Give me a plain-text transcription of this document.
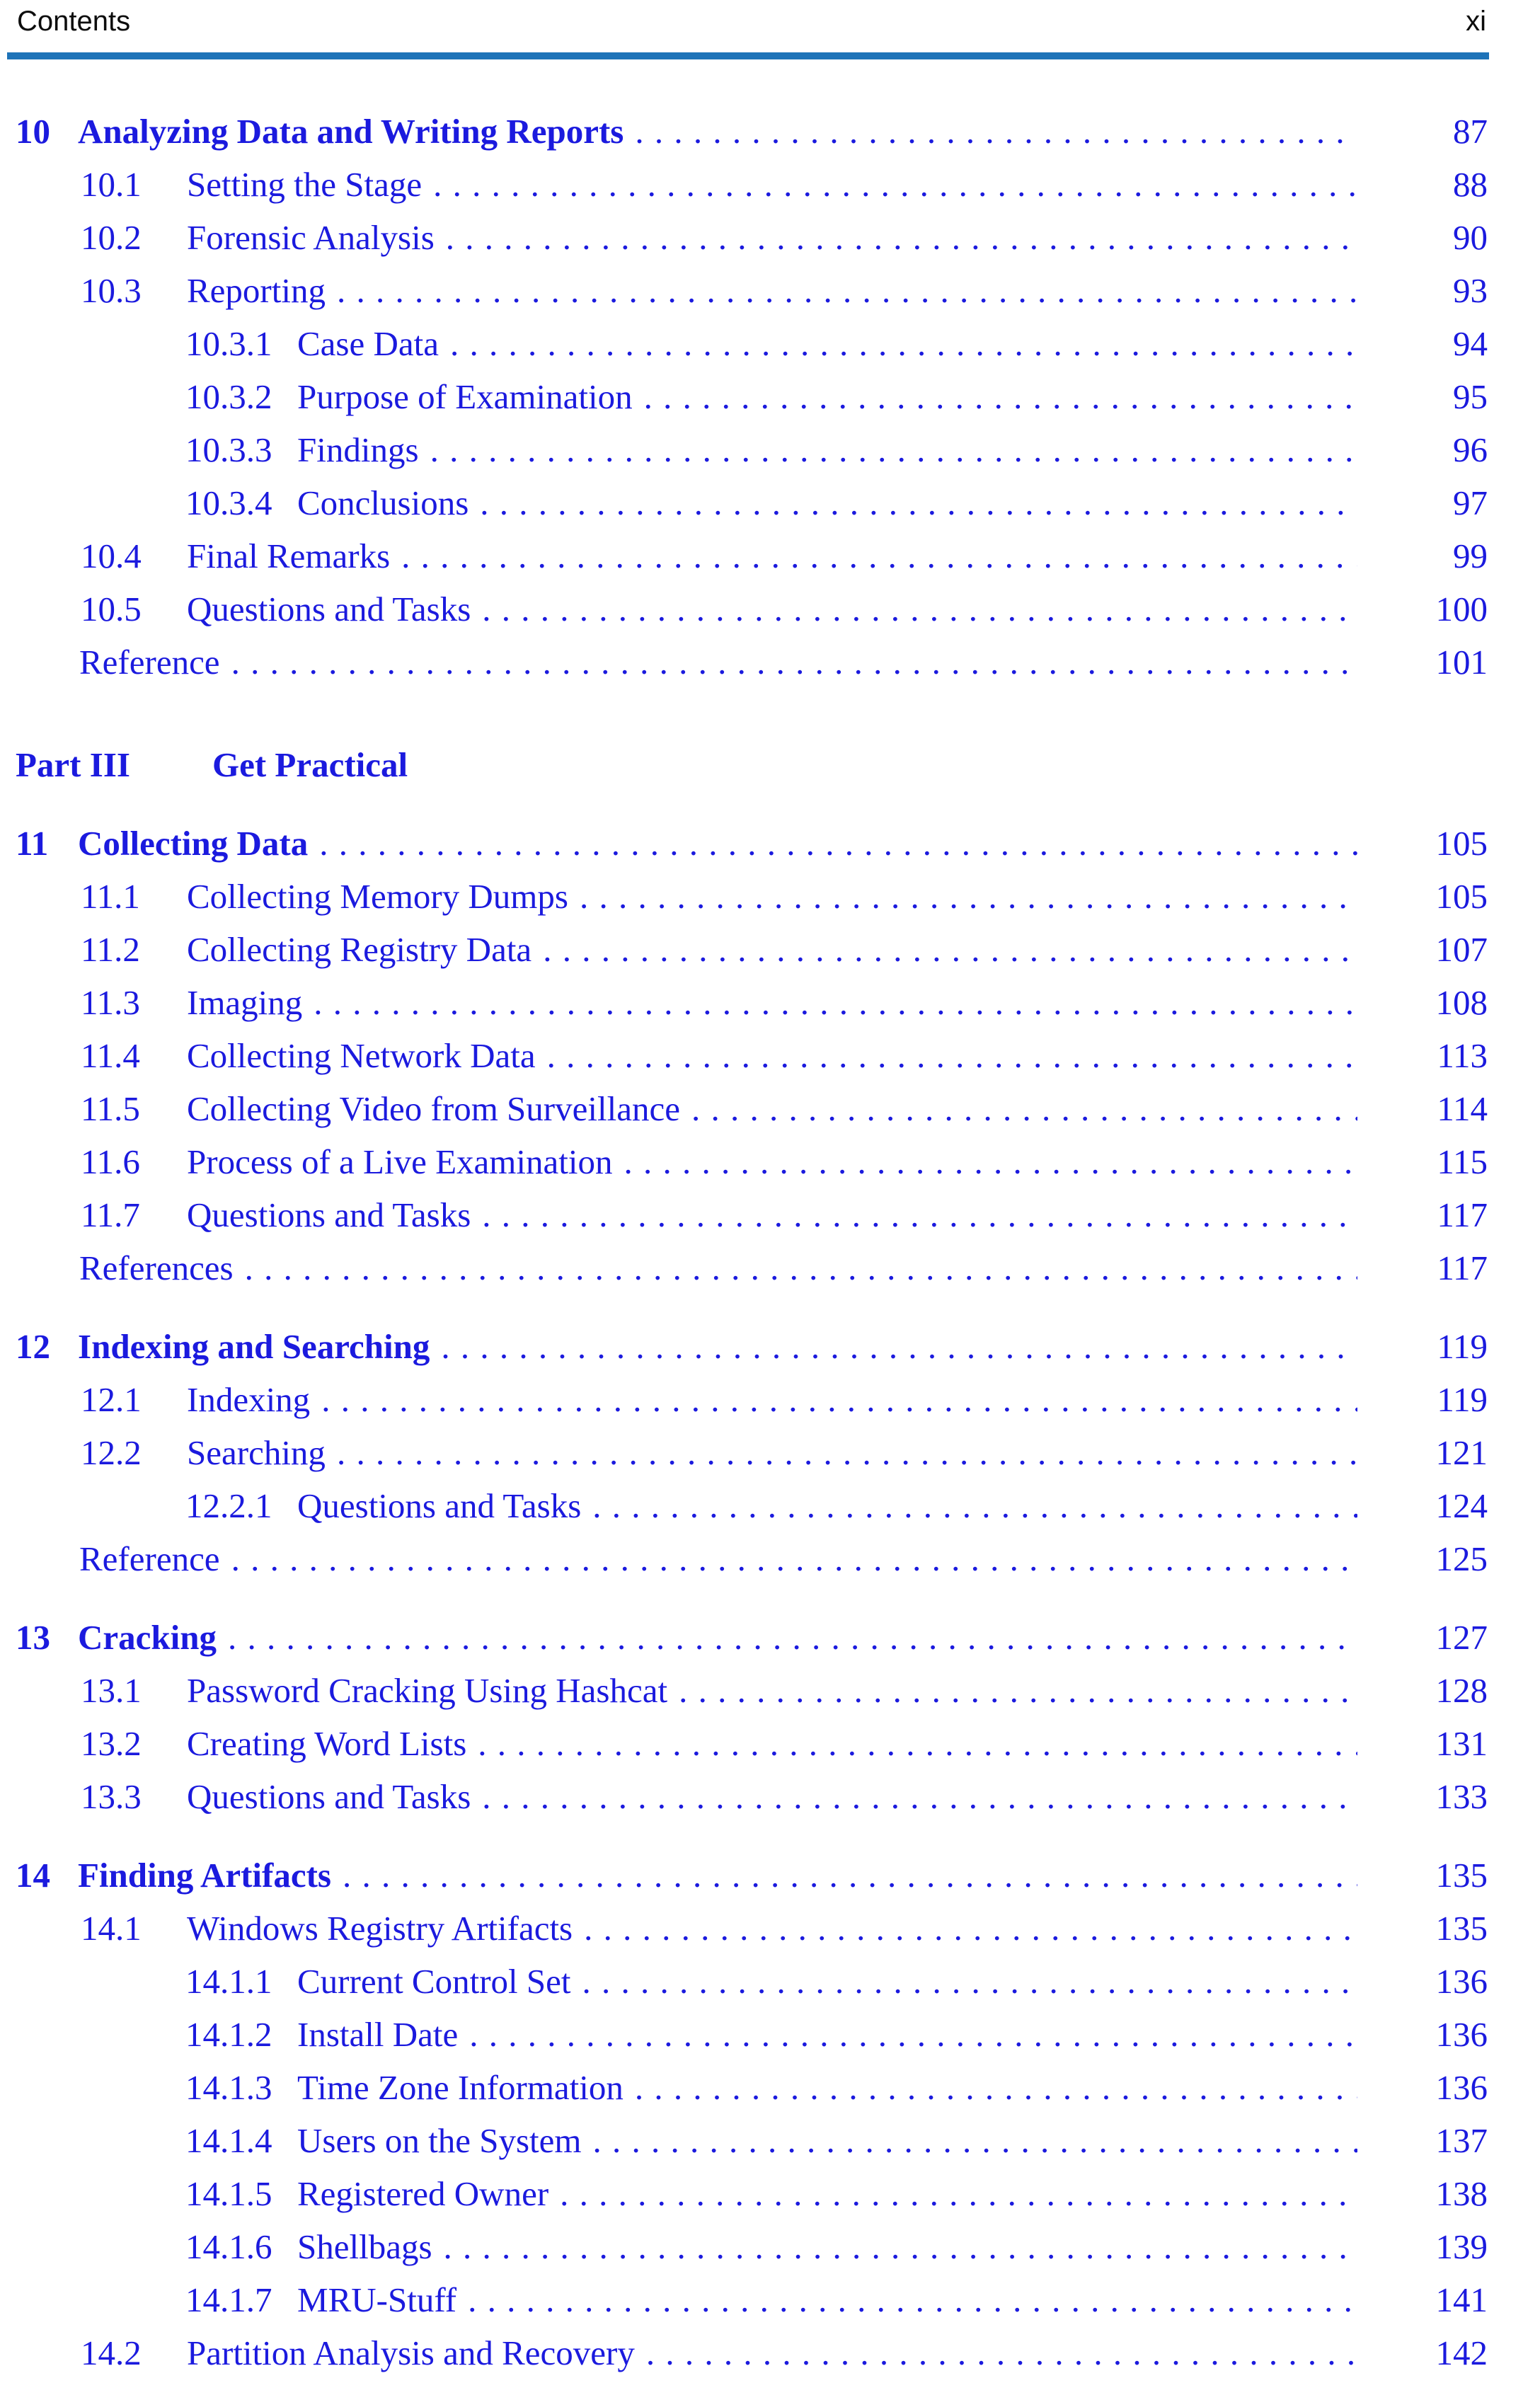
Contents	xi
10 Analyzing Data and Writing Reports . . .	87
10.1	Setting the Stage . . .	88
10.2	Forensic Analysis . . .	90
10.3	Reporting . . .	93
10.3.1 Case Data . . .	94
10.3.2 Purpose of Examination . . .	95
10.3.3 Findings . . .	96
10.3.4 Conclusions . . .	97
10.4	Final Remarks . . .	99
10.5	Questions and Tasks . . .	100
Reference . . .	101
Part III	Get Practical
11 Collecting Data . . .	105
11.1	Collecting Memory Dumps . . .	105
11.2	Collecting Registry Data . . .	107
11.3	Imaging . . .	108
11.4	Collecting Network Data . . .	113
11.5	Collecting Video from Surveillance . . .	114
11.6	Process of a Live Examination . . .	115
11.7	Questions and Tasks . . .	117
References . . .	117
12 Indexing and Searching . . .	119
12.1	Indexing . . .	119
12.2	Searching . . .	121
12.2.1 Questions and Tasks . . .	124
Reference . . .	125
13 Cracking . . .	127
13.1	Password Cracking Using Hashcat . . .	128
13.2	Creating Word Lists . . .	131
13.3	Questions and Tasks . . .	133
14 Finding Artifacts . . .	135
14.1	Windows Registry Artifacts . . .	135
14.1.1 Current Control Set . . .	136
14.1.2 Install Date . . .	136
14.1.3 Time Zone Information . . .	136
14.1.4 Users on the System . . .	137
14.1.5 Registered Owner . . .	138
14.1.6 Shellbags . . .	139
14.1.7 MRU-Stuff . . .	141
14.2	Partition Analysis and Recovery . . .	142
